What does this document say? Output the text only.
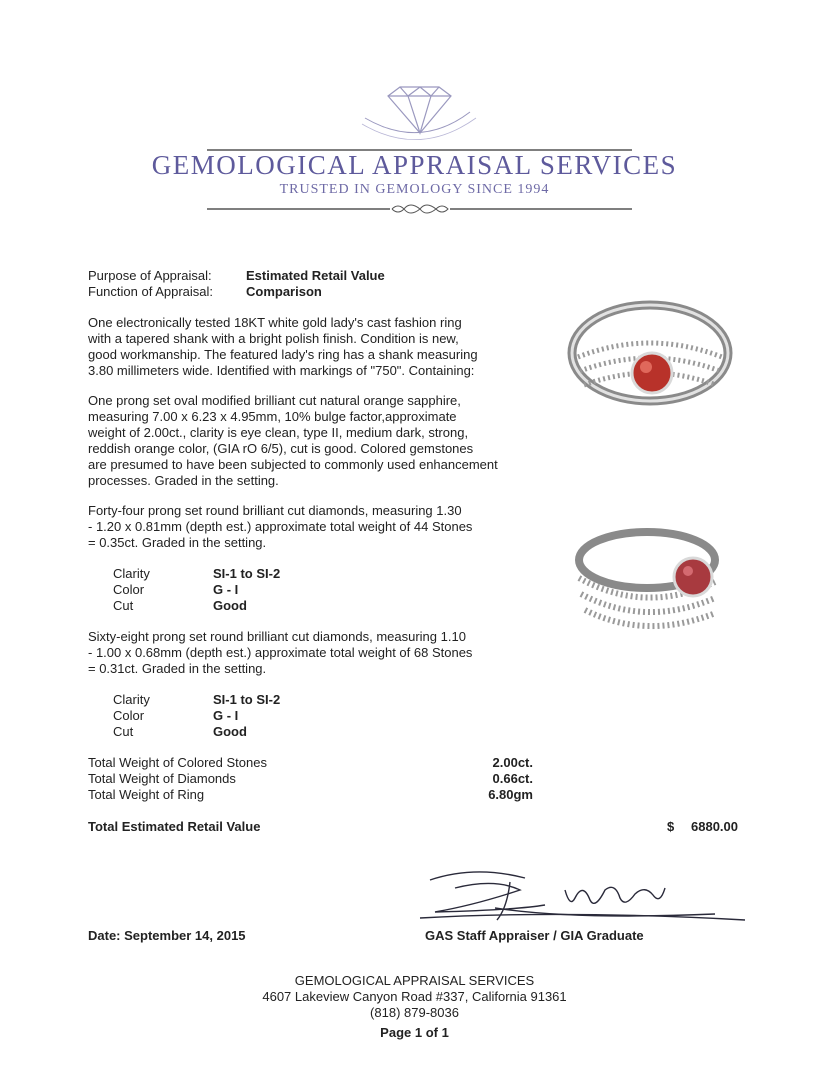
GEMOLOGICAL APPRAISAL SERVICES
TRUSTED IN GEMOLOGY SINCE 1994
Purpose of Appraisal:	Estimated Retail Value
Function of Appraisal:	Comparison
One electronically tested 18KT white gold lady's cast fashion ring
with a tapered shank with a bright polish finish. Condition is new,
good workmanship. The featured lady's ring has a shank measuring
3.80 millimeters wide. Identified with markings of "750". Containing:
One prong set oval modified brilliant cut natural orange sapphire,
measuring 7.00 x 6.23 x 4.95mm, 10% bulge factor,approximate
weight of 2.00ct., clarity is eye clean, type II, medium dark, strong,
reddish orange color, (GIA rO 6/5), cut is good. Colored gemstones
are presumed to have been subjected to commonly used enhancement
processes. Graded in the setting.
Forty-four prong set round brilliant cut diamonds, measuring 1.30
- 1.20 x 0.81mm (depth est.) approximate total weight of 44 Stones
= 0.35ct. Graded in the setting.
Clarity	SI-1 to SI-2
Color	G - I
Cut	Good
Sixty-eight prong set round brilliant cut diamonds, measuring 1.10
- 1.00 x 0.68mm (depth est.) approximate total weight of 68 Stones
= 0.31ct. Graded in the setting.
Clarity	SI-1 to SI-2
Color	G - I
Cut	Good
Total Weight of Colored Stones	2.00ct.
Total Weight of Diamonds	0.66ct.
Total Weight of Ring	6.80gm
Total Estimated Retail Value	$	6880.00
Date: September 14, 2015	GAS Staff Appraiser / GIA Graduate
GEMOLOGICAL APPRAISAL SERVICES
4607 Lakeview Canyon Road #337, California 91361
(818) 879-8036
Page 1 of 1
